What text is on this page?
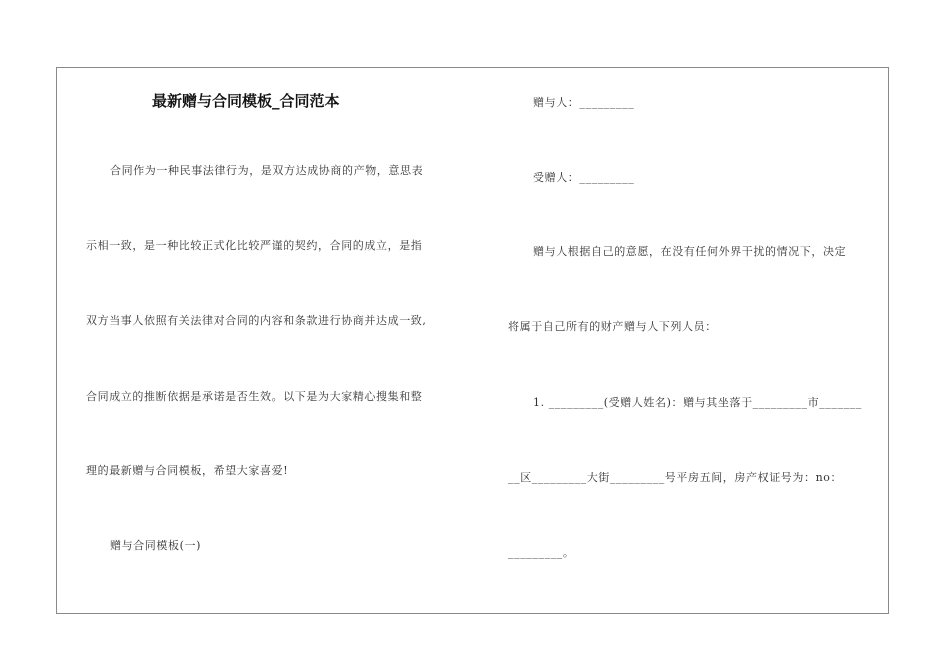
最新赠与合同模板_合同范本
合同作为一种民事法律行为，是双方达成协商的产物，意思表
示相一致，是一种比较正式化比较严谨的契约，合同的成立，是指
双方当事人依照有关法律对合同的内容和条款进行协商并达成一致,
合同成立的推断依据是承诺是否生效。以下是为大家精心搜集和整
理的最新赠与合同模板，希望大家喜爱!
赠与合同模板(一)
赠与人：_________
受赠人：_________
赠与人根据自己的意愿，在没有任何外界干扰的情况下，决定
将属于自己所有的财产赠与人下列人员：
1. _________(受赠人姓名)：赠与其坐落于_________市_______
__区_________大街_________号平房五间，房产权证号为：no：
_________。
